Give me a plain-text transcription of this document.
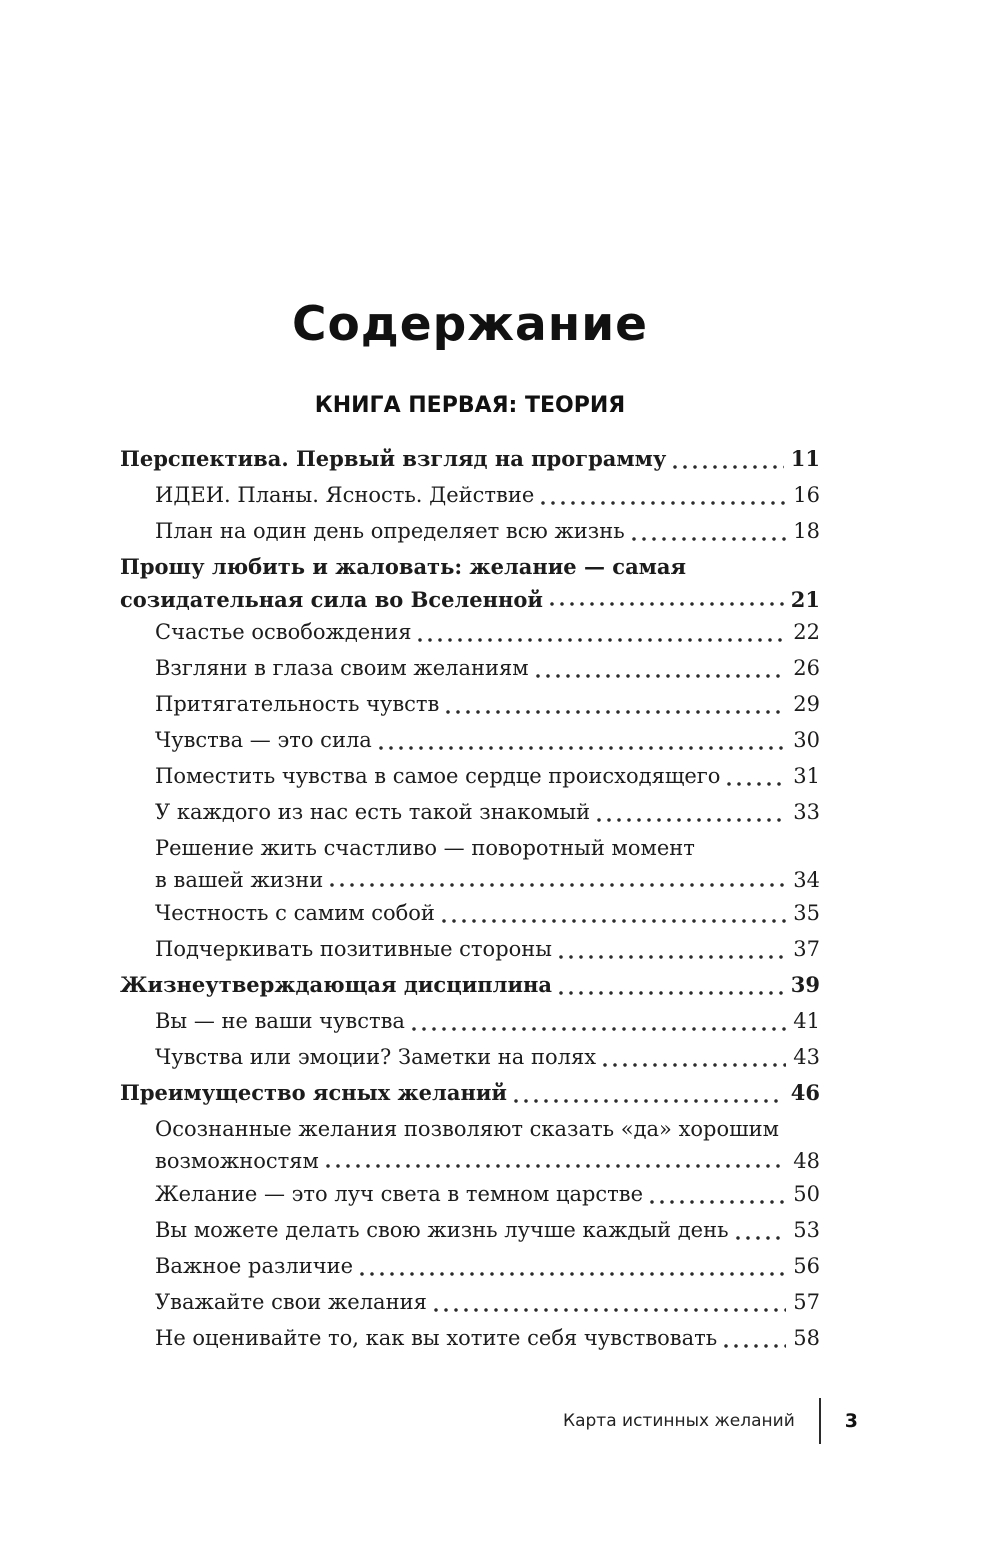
Содержание
КНИГА ПЕРВАЯ: ТЕОРИЯ
Перспектива. Первый взгляд на программу	11
ИДЕИ. Планы. Ясность. Действие	16
План на один день определяет всю жизнь	18
Прошу любить и жаловать: желание — самая
созидательная сила во Вселенной	21
Счастье освобождения	22
Взгляни в глаза своим желаниям	26
Притягательность чувств	29
Чувства — это сила	30
Поместить чувства в самое сердце происходящего	31
У каждого из нас есть такой знакомый	33
Решение жить счастливо — поворотный момент
в вашей жизни	34
Честность с самим собой	35
Подчеркивать позитивные стороны	37
Жизнеутверждающая дисциплина	39
Вы — не ваши чувства	41
Чувства или эмоции? Заметки на полях	43
Преимущество ясных желаний	46
Осознанные желания позволяют сказать «да» хорошим
возможностям	48
Желание — это луч света в темном царстве	50
Вы можете делать свою жизнь лучше каждый день	53
Важное различие	56
Уважайте свои желания	57
Не оценивайте то, как вы хотите себя чувствовать	58
Карта истинных желаний	3
